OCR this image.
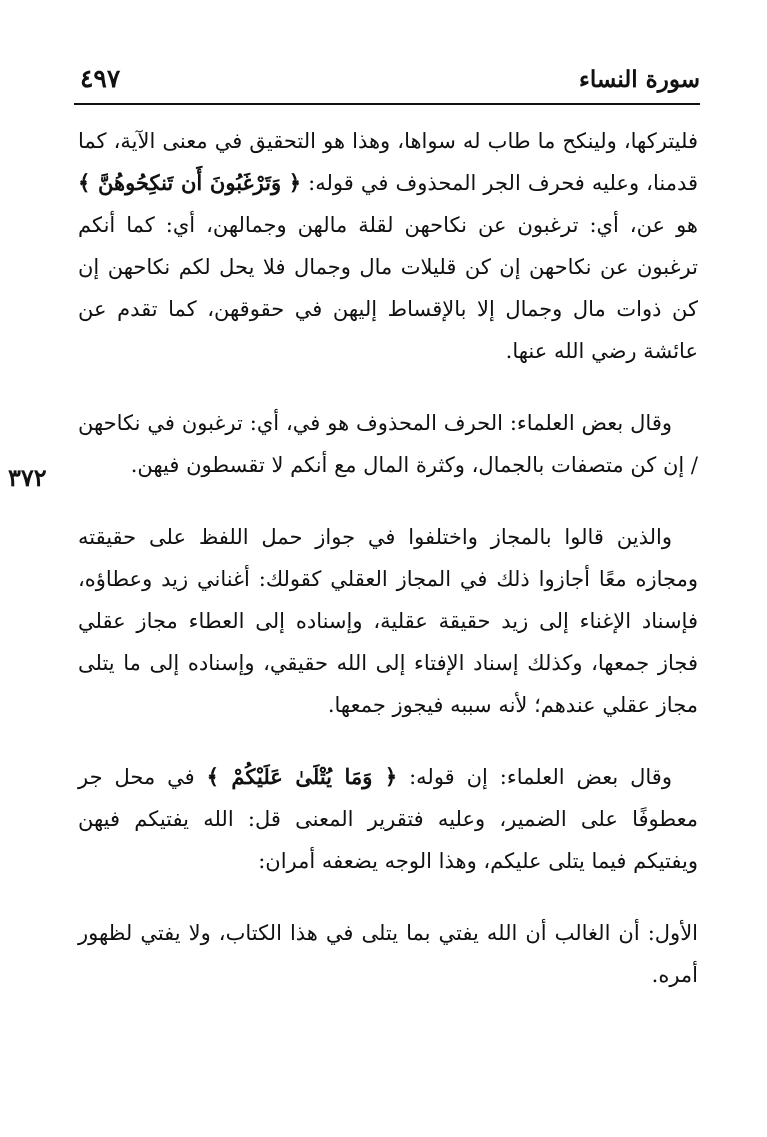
سورة النساء
٤٩٧
٣٧٢

فليتركها، ولينكح ما طاب له سواها، وهذا هو التحقيق في معنى الآية، كما قدمنا، وعليه فحرف الجر المحذوف في قوله: ﴿ وَتَرْغَبُونَ أَن تَنكِحُوهُنَّ ﴾ هو عن، أي: ترغبون عن نكاحهن لقلة مالهن وجمالهن، أي: كما أنكم ترغبون عن نكاحهن إن كن قليلات مال وجمال فلا يحل لكم نكاحهن إن كن ذوات مال وجمال إلا بالإقساط إليهن في حقوقهن، كما تقدم عن عائشة رضي الله عنها.

وقال بعض العلماء: الحرف المحذوف هو في، أي: ترغبون في نكاحهن / إن كن متصفات بالجمال، وكثرة المال مع أنكم لا تقسطون فيهن.

والذين قالوا بالمجاز واختلفوا في جواز حمل اللفظ على حقيقته ومجازه معًا أجازوا ذلك في المجاز العقلي كقولك: أغناني زيد وعطاؤه، فإسناد الإغناء إلى زيد حقيقة عقلية، وإسناده إلى العطاء مجاز عقلي فجاز جمعها، وكذلك إسناد الإفتاء إلى الله حقيقي، وإسناده إلى ما يتلى مجاز عقلي عندهم؛ لأنه سببه فيجوز جمعها.

وقال بعض العلماء: إن قوله: ﴿ وَمَا يُتْلَىٰ عَلَيْكُمْ ﴾ في محل جر معطوفًا على الضمير، وعليه فتقرير المعنى قل: الله يفتيكم فيهن ويفتيكم فيما يتلى عليكم، وهذا الوجه يضعفه أمران:

الأول: أن الغالب أن الله يفتي بما يتلى في هذا الكتاب، ولا يفتي لظهور أمره.
